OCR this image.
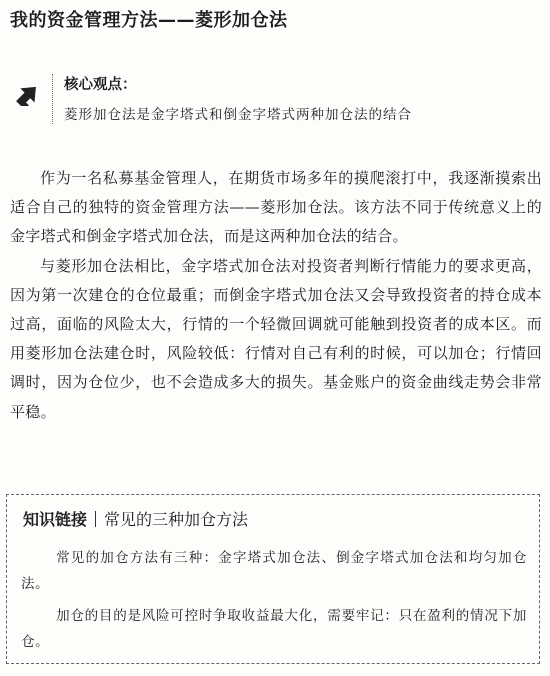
我的资金管理方法——菱形加仓法
核心观点：
菱形加仓法是金字塔式和倒金字塔式两种加仓法的结合

作为一名私募基金管理人，在期货市场多年的摸爬滚打中，我逐渐摸索出适合自己的独特的资金管理方法——菱形加仓法。该方法不同于传统意义上的金字塔式和倒金字塔式加仓法，而是这两种加仓法的结合。

与菱形加仓法相比，金字塔式加仓法对投资者判断行情能力的要求更高，因为第一次建仓的仓位最重；而倒金字塔式加仓法又会导致投资者的持仓成本过高，面临的风险太大，行情的一个轻微回调就可能触到投资者的成本区。而用菱形加仓法建仓时，风险较低：行情对自己有利的时候，可以加仓；行情回调时，因为仓位少，也不会造成多大的损失。基金账户的资金曲线走势会非常平稳。

知识链接 常见的三种加仓方法

常见的加仓方法有三种：金字塔式加仓法、倒金字塔式加仓法和均匀加仓法。

加仓的目的是风险可控时争取收益最大化，需要牢记：只在盈利的情况下加仓。
